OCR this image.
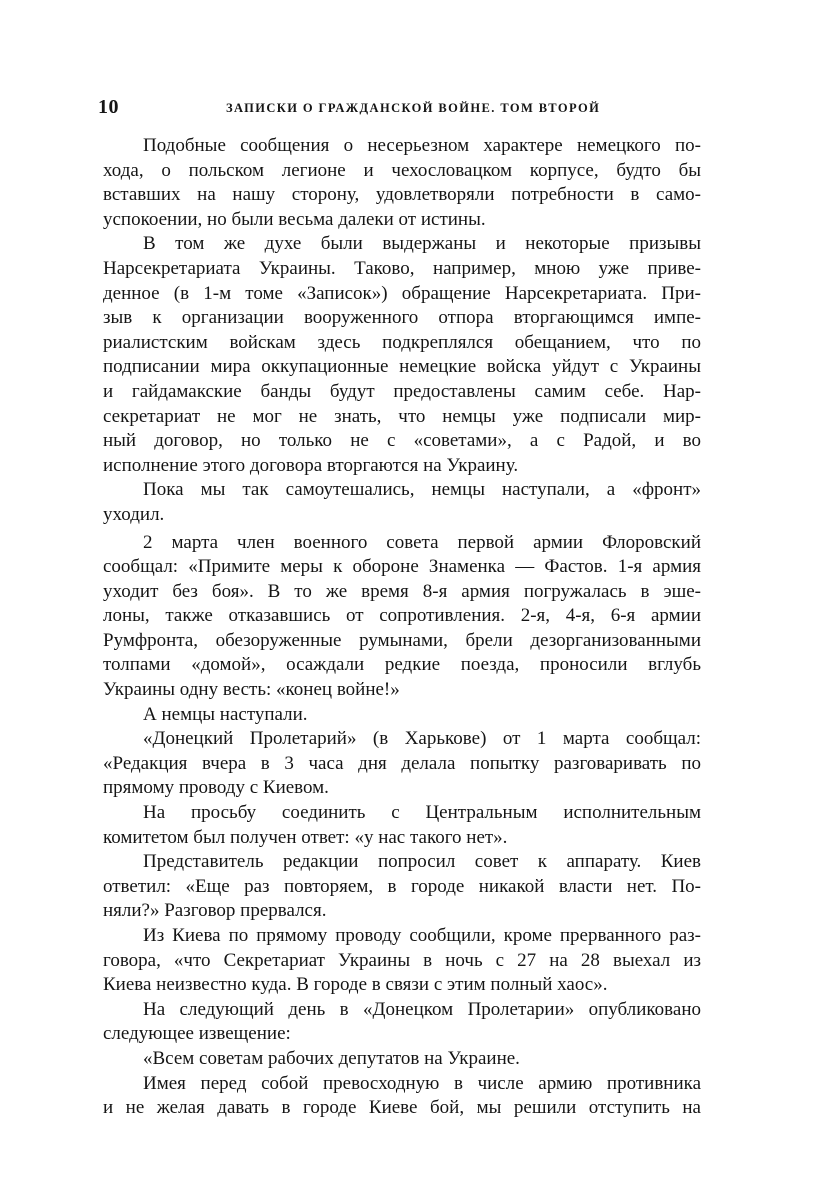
10	ЗАПИСКИ О ГРАЖДАНСКОЙ ВОЙНЕ. ТОМ ВТОРОЙ
Подобные сообщения о несерьезном характере немецкого по-
хода, о польском легионе и чехословацком корпусе, будто бы
вставших на нашу сторону, удовлетворяли потребности в само-
успокоении, но были весьма далеки от истины.
В том же духе были выдержаны и некоторые призывы
Нарсекретариата Украины. Таково, например, мною уже приве-
денное (в 1-м томе «Записок») обращение Нарсекретариата. При-
зыв к организации вооруженного отпора вторгающимся импе-
риалистским войскам здесь подкреплялся обещанием, что по
подписании мира оккупационные немецкие войска уйдут с Украины
и гайдамакские банды будут предоставлены самим себе. Нар-
секретариат не мог не знать, что немцы уже подписали мир-
ный договор, но только не с «советами», а с Радой, и во
исполнение этого договора вторгаются на Украину.
Пока мы так самоутешались, немцы наступали, а «фронт»
уходил.
2 марта член военного совета первой армии Флоровский
сообщал: «Примите меры к обороне Знаменка — Фастов. 1-я армия
уходит без боя». В то же время 8-я армия погружалась в эше-
лоны, также отказавшись от сопротивления. 2-я, 4-я, 6-я армии
Румфронта, обезоруженные румынами, брели дезорганизованными
толпами «домой», осаждали редкие поезда, проносили вглубь
Украины одну весть: «конец войне!»
А немцы наступали.
«Донецкий Пролетарий» (в Харькове) от 1 марта сообщал:
«Редакция вчера в 3 часа дня делала попытку разговаривать по
прямому проводу с Киевом.
На просьбу соединить с Центральным исполнительным
комитетом был получен ответ: «у нас такого нет».
Представитель редакции попросил совет к аппарату. Киев
ответил: «Еще раз повторяем, в городе никакой власти нет. По-
няли?» Разговор прервался.
Из Киева по прямому проводу сообщили, кроме прерванного раз-
говора, «что Секретариат Украины в ночь с 27 на 28 выехал из
Киева неизвестно куда. В городе в связи с этим полный хаос».
На следующий день в «Донецком Пролетарии» опубликовано
следующее извещение:
«Всем советам рабочих депутатов на Украине.
Имея перед собой превосходную в числе армию противника
и не желая давать в городе Киеве бой, мы решили отступить на
